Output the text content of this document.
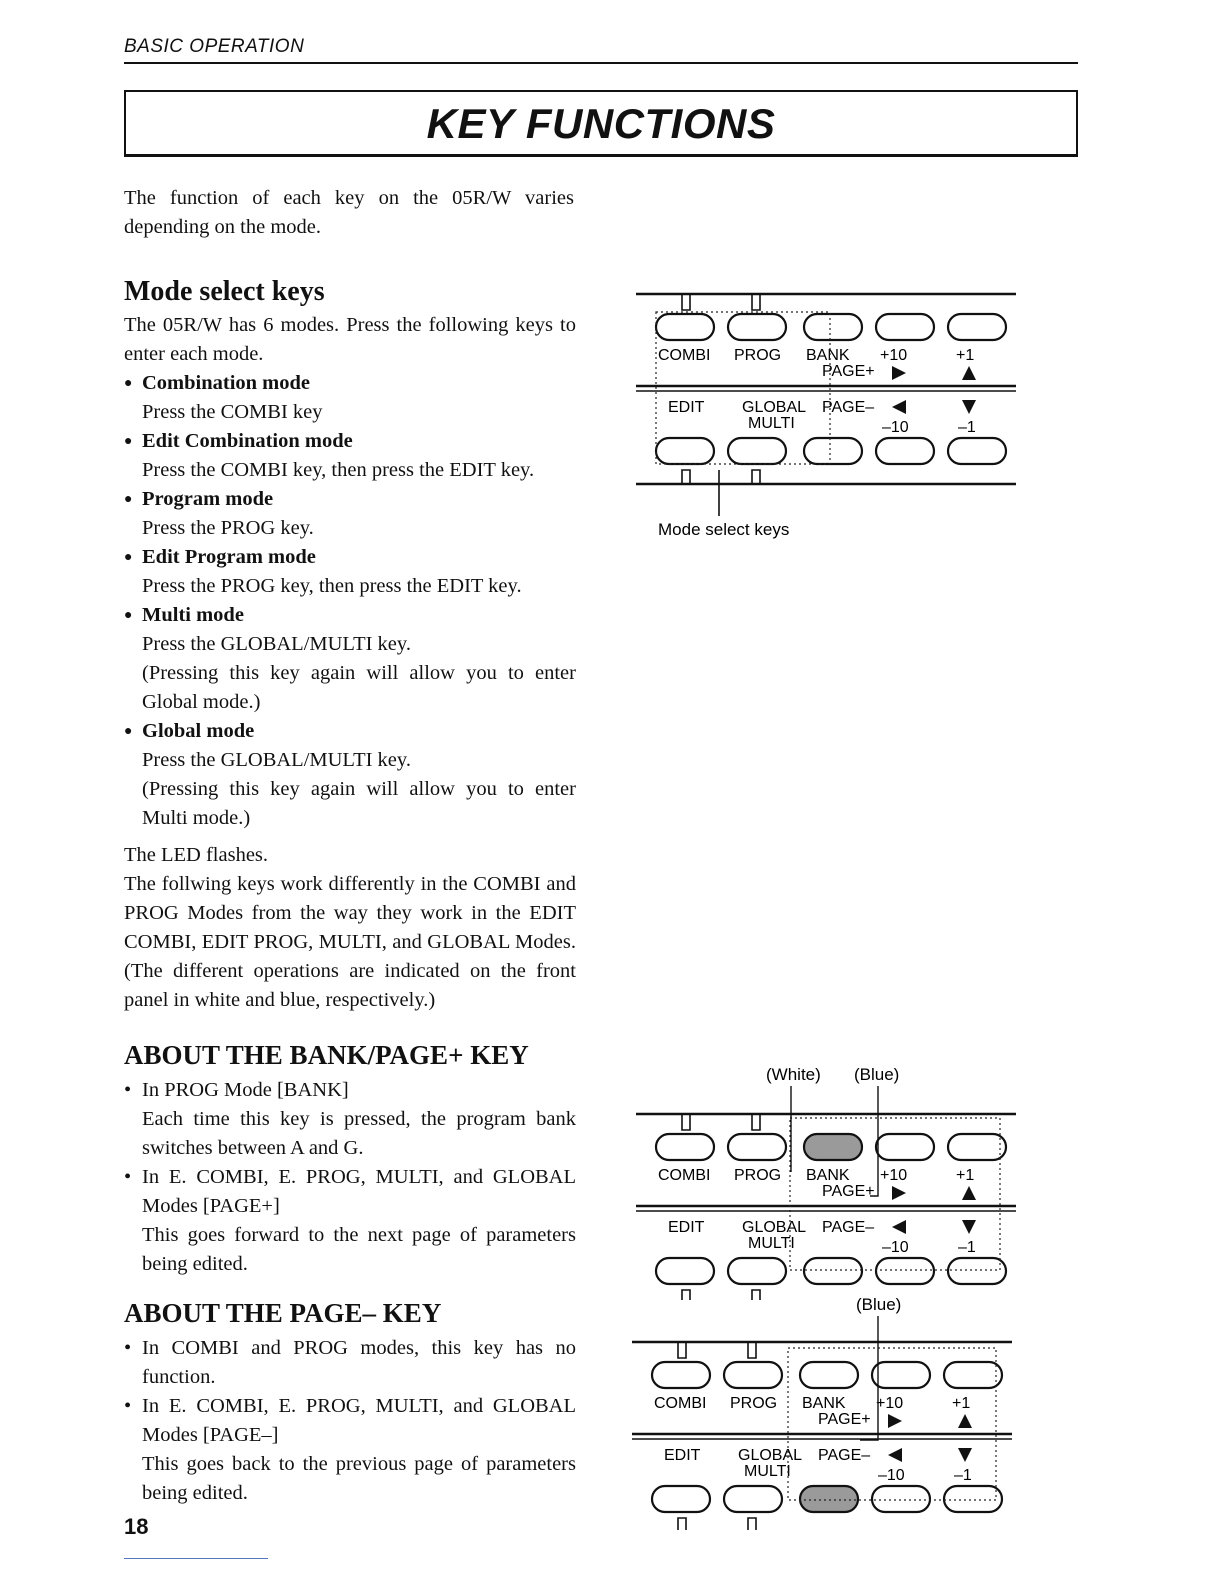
BASIC OPERATION
KEY FUNCTIONS
The function of each key on the 05R/W varies depending on the mode.
Mode select keys

The 05R/W has 6 modes. Press the following keys to enter each mode.

● Combination mode
Press the COMBI key
● Edit Combination mode
Press the COMBI key, then press the EDIT key.
● Program mode
Press the PROG key.
● Edit Program mode
Press the PROG key, then press the EDIT key.
● Multi mode
Press the GLOBAL/MULTI key.
(Pressing this key again will allow you to enter Global mode.)
● Global mode
Press the GLOBAL/MULTI key.
(Pressing this key again will allow you to enter Multi mode.)

The LED flashes.

The follwing keys work differently in the COMBI and PROG Modes from the way they work in the EDIT COMBI, EDIT PROG, MULTI, and GLOBAL Modes. (The different operations are indicated on the front panel in white and blue, respectively.)

ABOUT THE BANK/PAGE+ KEY
• In PROG Mode [BANK]
Each time this key is pressed, the program bank switches between A and G.
• In E. COMBI, E. PROG, MULTI, and GLOBAL Modes [PAGE+]
This goes forward to the next page of parameters being edited.
ABOUT THE PAGE– KEY
• In COMBI and PROG modes, this key has no function.
• In E. COMBI, E. PROG, MULTI, and GLOBAL Modes [PAGE–]
This goes back to the previous page of parameters being edited.
COMBI PROG BANK +10	+1
PAGE+
EDIT GLOBAL
MULTI
PAGE–
–10	–1
Mode select keys
(White) (Blue)
COMBI PROG BANK +10	+1
PAGE+
EDIT GLOBAL
MULTI
PAGE–
–10	–1
(Blue)
COMBI PROG BANK +10	+1
PAGE+
EDIT GLOBAL
MULTI
PAGE–
–10	–1
18
